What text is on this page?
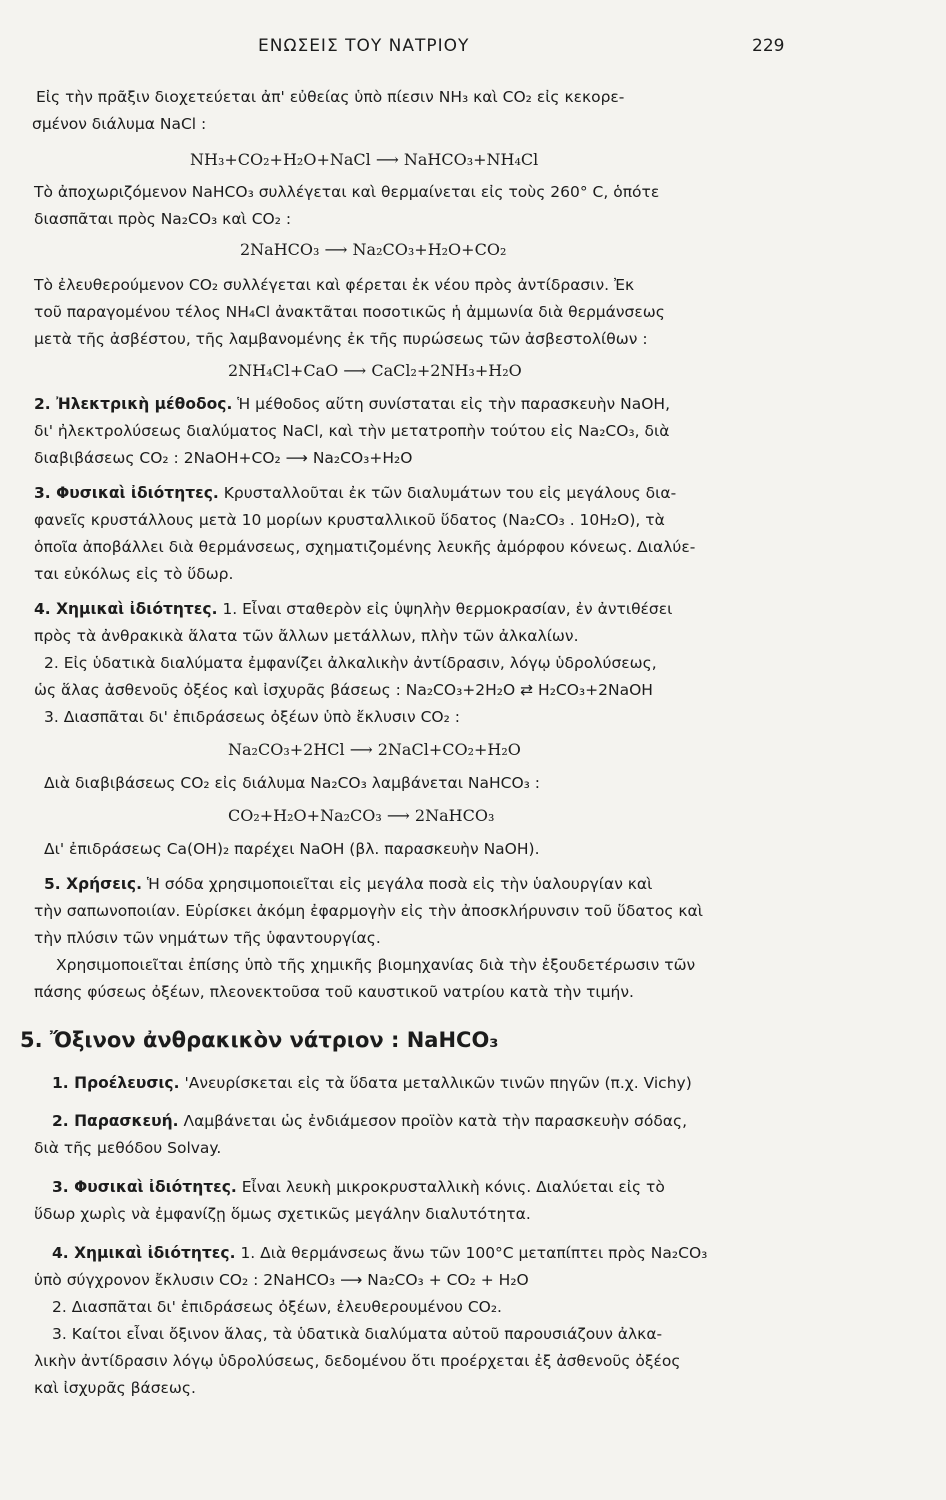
ΕΝΩΣΕΙΣ ΤΟΥ ΝΑΤΡΙΟΥ	229
Εἰς τὴν πρᾶξιν διοχετεύεται ἀπ' εὐθείας ὑπὸ πίεσιν NH₃ καὶ CO₂ εἰς κεκορε-
σμένον διάλυμα NaCl :
NH₃+CO₂+H₂O+NaCl ⟶ NaHCO₃+NH₄Cl
Τὸ ἀποχωριζόμενον NaHCO₃ συλλέγεται καὶ θερμαίνεται εἰς τοὺς 260° C, ὁπότε
διασπᾶται πρὸς Na₂CO₃ καὶ CO₂ :
2NaHCO₃ ⟶ Na₂CO₃+H₂O+CO₂
Τὸ ἐλευθερούμενον CO₂ συλλέγεται καὶ φέρεται ἐκ νέου πρὸς ἀντίδρασιν. Ἐκ
τοῦ παραγομένου τέλος NH₄Cl ἀνακτᾶται ποσοτικῶς ἡ ἀμμωνία διὰ θερμάνσεως
μετὰ τῆς ἀσβέστου, τῆς λαμβανομένης ἐκ τῆς πυρώσεως τῶν ἀσβεστολίθων :
2NH₄Cl+CaO ⟶ CaCl₂+2NH₃+H₂O
2. Ἠλεκτρικὴ μέθοδος. Ἡ μέθοδος αὕτη συνίσταται εἰς τὴν παρασκευὴν NaOH,
δι' ἠλεκτρολύσεως διαλύματος NaCl, καὶ τὴν μετατροπὴν τούτου εἰς Na₂CO₃, διὰ
διαβιβάσεως CO₂ : 2NaOH+CO₂ ⟶ Na₂CO₃+H₂O
3. Φυσικαὶ ἰδιότητες. Κρυσταλλοῦται ἐκ τῶν διαλυμάτων του εἰς μεγάλους δια-
φανεῖς κρυστάλλους μετὰ 10 μορίων κρυσταλλικοῦ ὕδατος (Na₂CO₃ . 10H₂O), τὰ
ὁποῖα ἀποβάλλει διὰ θερμάνσεως, σχηματιζομένης λευκῆς ἀμόρφου κόνεως. Διαλύε-
ται εὐκόλως εἰς τὸ ὕδωρ.
4. Χημικαὶ ἰδιότητες. 1. Εἶναι σταθερὸν εἰς ὑψηλὴν θερμοκρασίαν, ἐν ἀντιθέσει
πρὸς τὰ ἀνθρακικὰ ἅλατα τῶν ἄλλων μετάλλων, πλὴν τῶν ἀλκαλίων.
2. Εἰς ὑδατικὰ διαλύματα ἐμφανίζει ἀλκαλικὴν ἀντίδρασιν, λόγῳ ὑδρολύσεως,
ὡς ἅλας ἀσθενοῦς ὀξέος καὶ ἰσχυρᾶς βάσεως : Na₂CO₃+2H₂O ⇄ H₂CO₃+2NaOH
3. Διασπᾶται δι' ἐπιδράσεως ὀξέων ὑπὸ ἔκλυσιν CO₂ :
Na₂CO₃+2HCl ⟶ 2NaCl+CO₂+H₂O
Διὰ διαβιβάσεως CO₂ εἰς διάλυμα Na₂CO₃ λαμβάνεται NaHCO₃ :
CO₂+H₂O+Na₂CO₃ ⟶ 2NaHCO₃
Δι' ἐπιδράσεως Ca(OH)₂ παρέχει NaOH (βλ. παρασκευὴν NaOH).
5. Χρήσεις. Ἡ σόδα χρησιμοποιεῖται εἰς μεγάλα ποσὰ εἰς τὴν ὑαλουργίαν καὶ
τὴν σαπωνοποιίαν. Εὑρίσκει ἀκόμη ἐφαρμογὴν εἰς τὴν ἀποσκλήρυνσιν τοῦ ὕδατος καὶ
τὴν πλύσιν τῶν νημάτων τῆς ὑφαντουργίας.
Χρησιμοποιεῖται ἐπίσης ὑπὸ τῆς χημικῆς βιομηχανίας διὰ τὴν ἐξουδετέρωσιν τῶν
πάσης φύσεως ὀξέων, πλεονεκτοῦσα τοῦ καυστικοῦ νατρίου κατὰ τὴν τιμήν.
5. Ὄξινον ἀνθρακικὸν νάτριον : NaHCO₃
1. Προέλευσις. 'Ανευρίσκεται εἰς τὰ ὕδατα μεταλλικῶν τινῶν πηγῶν (π.χ. Vichy)
2. Παρασκευή. Λαμβάνεται ὡς ἐνδιάμεσον προϊὸν κατὰ τὴν παρασκευὴν σόδας,
διὰ τῆς μεθόδου Solvay.
3. Φυσικαὶ ἰδιότητες. Εἶναι λευκὴ μικροκρυσταλλικὴ κόνις. Διαλύεται εἰς τὸ
ὕδωρ χωρὶς νὰ ἐμφανίζῃ ὅμως σχετικῶς μεγάλην διαλυτότητα.
4. Χημικαὶ ἰδιότητες. 1. Διὰ θερμάνσεως ἄνω τῶν 100°C μεταπίπτει πρὸς Na₂CO₃
ὑπὸ σύγχρονον ἔκλυσιν CO₂ : 2NaHCO₃ ⟶ Na₂CO₃ + CO₂ + H₂O
2. Διασπᾶται δι' ἐπιδράσεως ὀξέων, ἐλευθερουμένου CO₂.
3. Καίτοι εἶναι ὄξινον ἅλας, τὰ ὑδατικὰ διαλύματα αὐτοῦ παρουσιάζουν ἀλκα-
λικὴν ἀντίδρασιν λόγῳ ὑδρολύσεως, δεδομένου ὅτι προέρχεται ἐξ ἀσθενοῦς ὀξέος
καὶ ἰσχυρᾶς βάσεως.
